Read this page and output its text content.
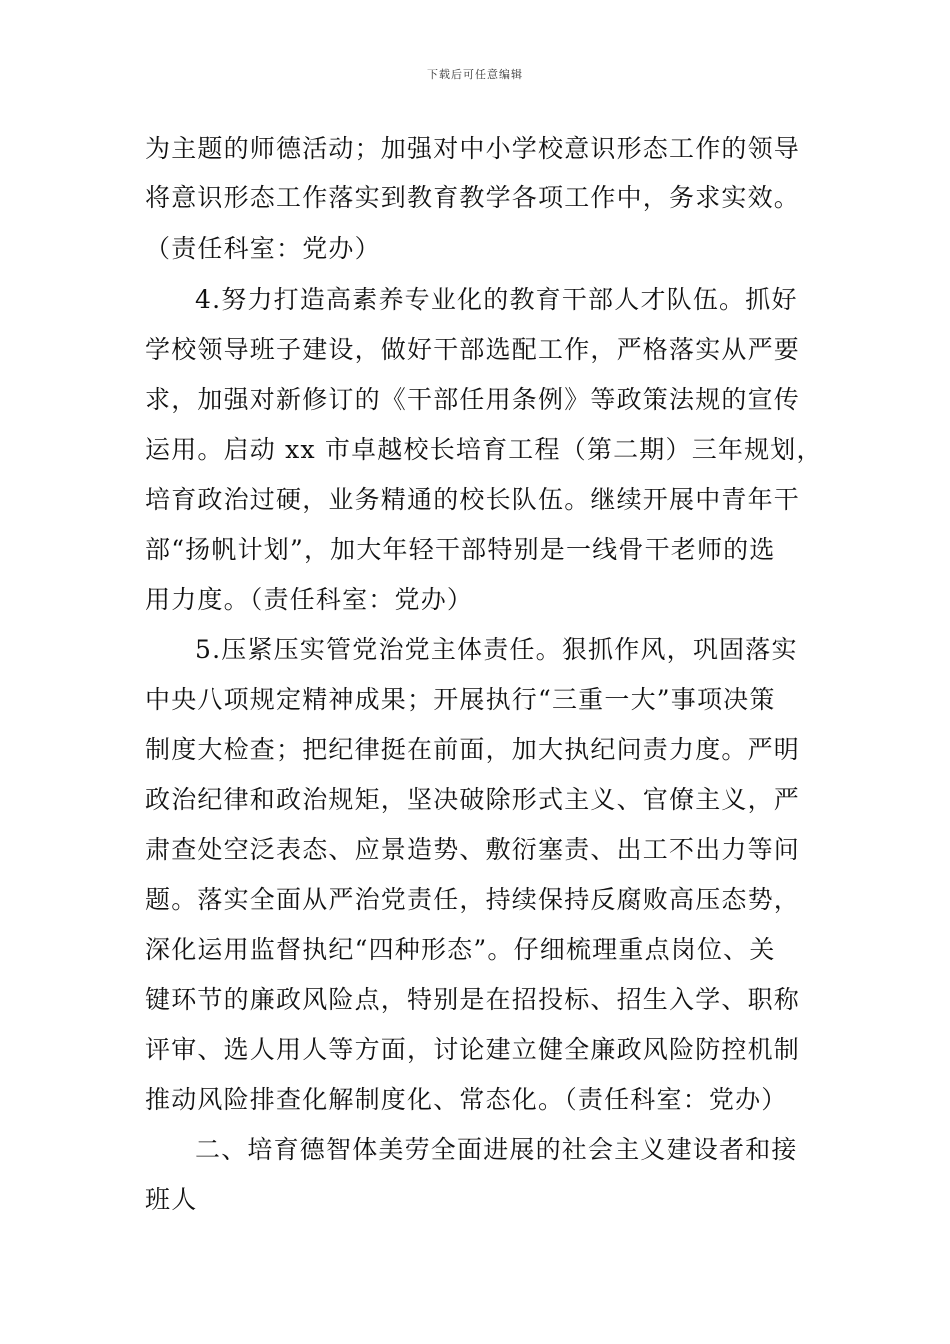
下载后可任意编辑
为主题的师德活动；加强对中小学校意识形态工作的领导
将意识形态工作落实到教育教学各项工作中，务求实效。
（责任科室：党办）
4.努力打造高素养专业化的教育干部人才队伍。抓好
学校领导班子建设，做好干部选配工作，严格落实从严要
求，加强对新修订的《干部任用条例》等政策法规的宣传
运用。启动 xx 市卓越校长培育工程（第二期）三年规划，
培育政治过硬，业务精通的校长队伍。继续开展中青年干
部“扬帆计划”，加大年轻干部特别是一线骨干老师的选
用力度。（责任科室：党办）
5.压紧压实管党治党主体责任。狠抓作风，巩固落实
中央八项规定精神成果；开展执行“三重一大”事项决策
制度大检查；把纪律挺在前面，加大执纪问责力度。严明
政治纪律和政治规矩，坚决破除形式主义、官僚主义，严
肃查处空泛表态、应景造势、敷衍塞责、出工不出力等问
题。落实全面从严治党责任，持续保持反腐败高压态势，
深化运用监督执纪“四种形态”。仔细梳理重点岗位、关
键环节的廉政风险点，特别是在招投标、招生入学、职称
评审、选人用人等方面，讨论建立健全廉政风险防控机制
推动风险排查化解制度化、常态化。（责任科室：党办）
二、培育德智体美劳全面进展的社会主义建设者和接
班人
